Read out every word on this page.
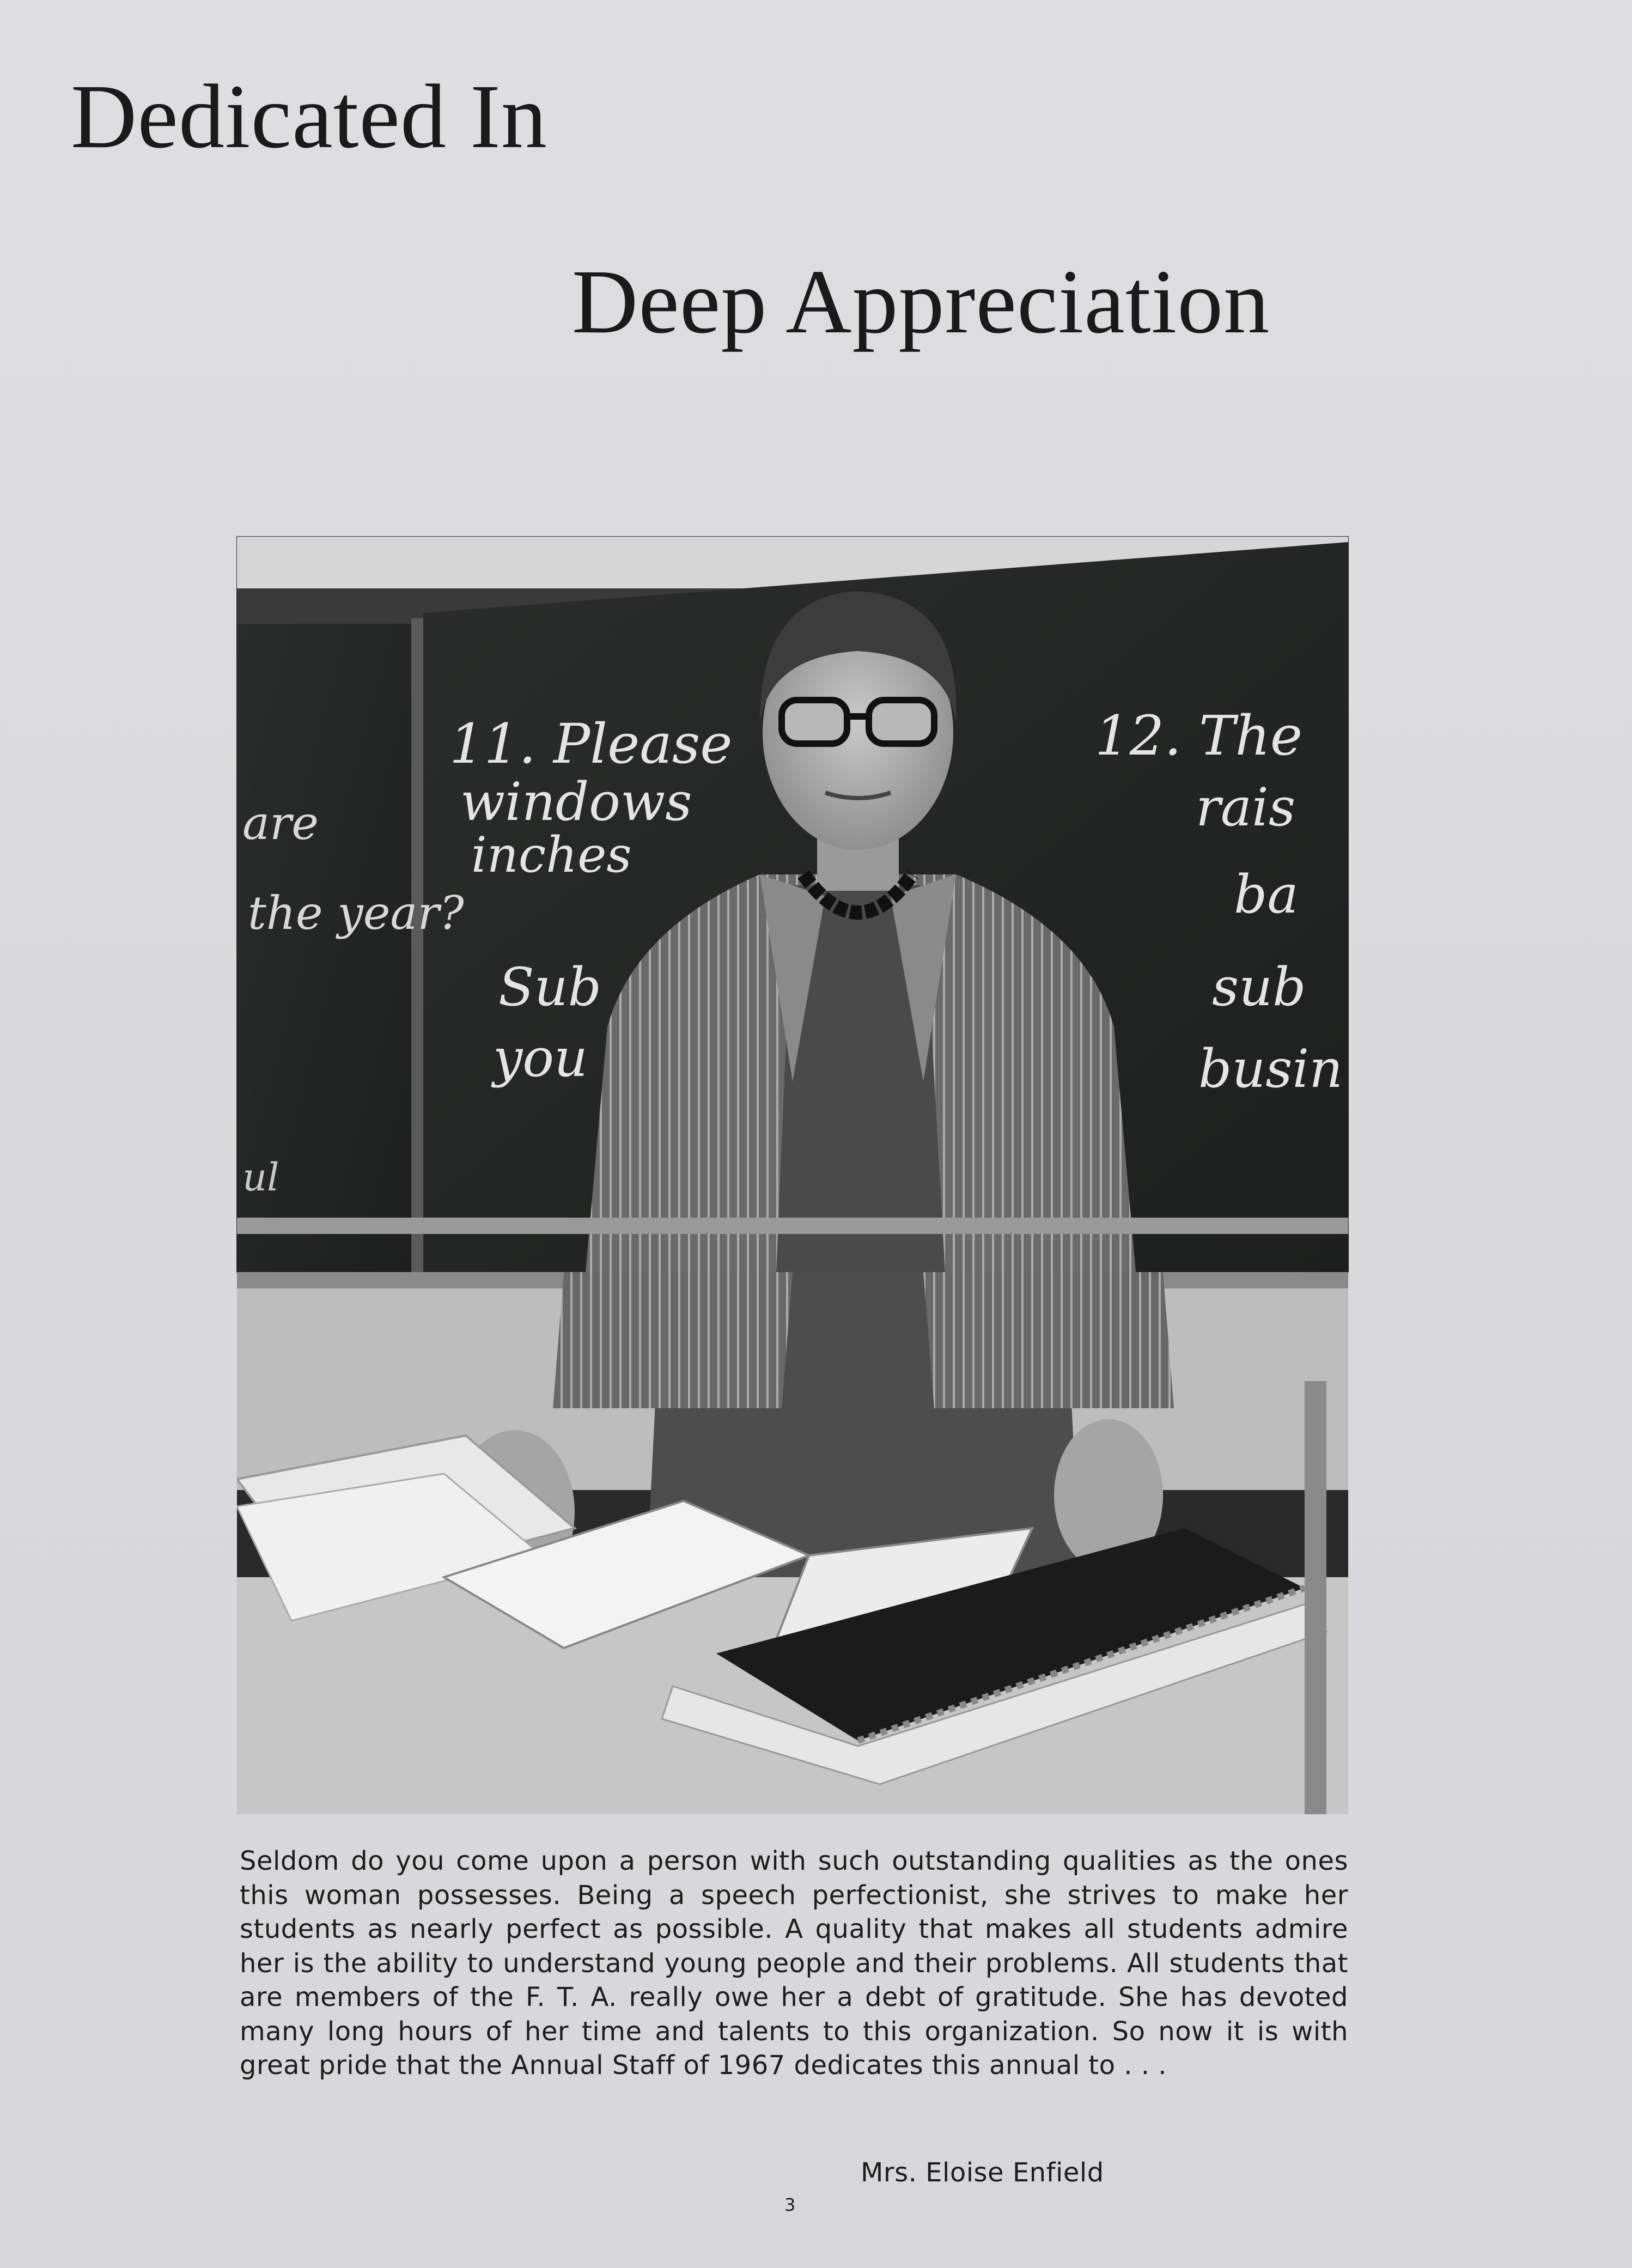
Dedicated In
Deep Appreciation
are
the year?
ul
11. Please
windows
inches
Sub
you
12. The
rais
ba
sub
busin

Seldom do you come upon a person with such outstanding qualities as the ones this woman possesses. Being a speech perfectionist, she strives to make her students as nearly perfect as possible. A quality that makes all students admire her is the ability to understand young people and their problems. All students that are members of the F. T. A. really owe her a debt of gratitude. She has devoted many long hours of her time and talents to this organization. So now it is with great pride that the Annual Staff of 1967 dedicates this annual to . . .

Mrs. Eloise Enfield

3
